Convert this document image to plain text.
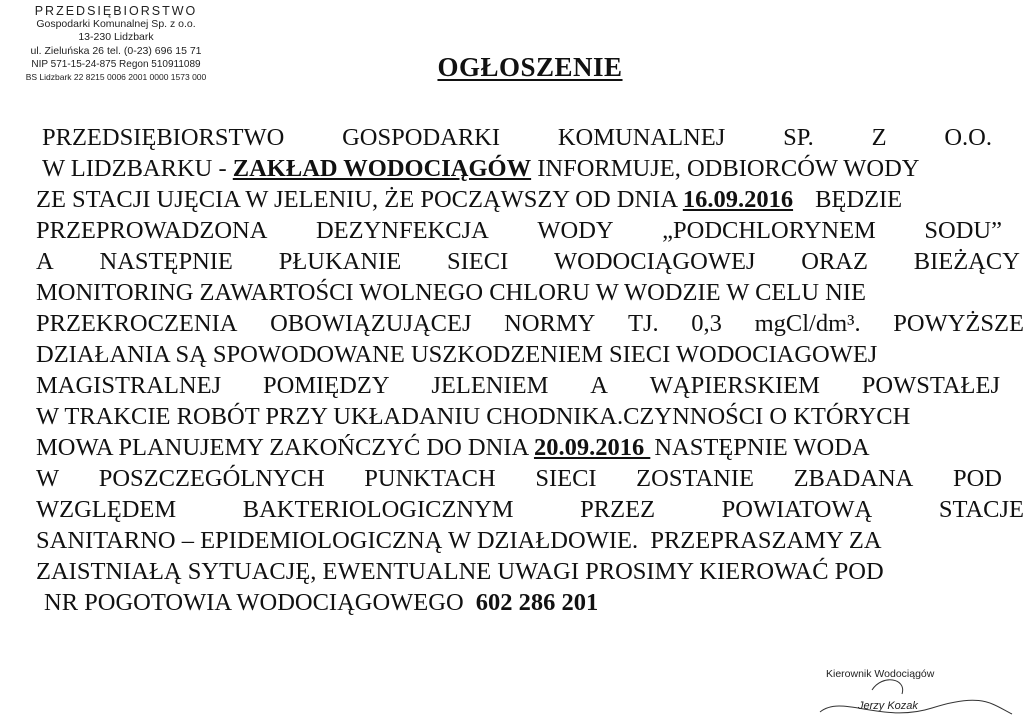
PRZEDSIĘBIORSTWO
Gospodarki Komunalnej Sp. z o.o.
13-230 Lidzbark
ul. Zieluńska 26 tel. (0-23) 696 15 71
NIP 571-15-24-875 Regon 510911089
BS Lidzbark 22 8215 0006 2001 0000 1573 000	OGŁOSZENIE
PRZEDSIĘBIORSTWO GOSPODARKI KOMUNALNEJ SP. Z O.O.
W LIDZBARKU - ZAKŁAD WODOCIĄGÓW INFORMUJE, ODBIORCÓW WODY
ZE STACJI UJĘCIA W JELENIU, ŻE POCZĄWSZY OD DNIA 16.09.2016 BĘDZIE
PRZEPROWADZONA DEZYNFEKCJA WODY „PODCHLORYNEM SODU”
A NASTĘPNIE PŁUKANIE SIECI WODOCIĄGOWEJ ORAZ BIEŻĄCY
MONITORING ZAWARTOŚCI WOLNEGO CHLORU W WODZIE W CELU NIE
PRZEKROCZENIA OBOWIĄZUJĄCEJ NORMY TJ. 0,3 mgCl/dm³. POWYŻSZE
DZIAŁANIA SĄ SPOWODOWANE USZKODZENIEM SIECI WODOCIAGOWEJ
MAGISTRALNEJ POMIĘDZY JELENIEM A WĄPIERSKIEM POWSTAŁEJ
W TRAKCIE ROBÓT PRZY UKŁADANIU CHODNIKA.CZYNNOŚCI O KTÓRYCH
MOWA PLANUJEMY ZAKOŃCZYĆ DO DNIA 20.09.2016 NASTĘPNIE WODA
W POSZCZEGÓLNYCH PUNKTACH SIECI ZOSTANIE ZBADANA POD
WZGLĘDEM	BAKTERIOLOGICZNYM	PRZEZ	POWIATOWĄ	STACJE
SANITARNO – EPIDEMIOLOGICZNĄ W DZIAŁDOWIE.  PRZEPRASZAMY ZA
ZAISTNIAŁĄ SYTUACJĘ, EWENTUALNE UWAGI PROSIMY KIEROWAĆ POD
NR POGOTOWIA WODOCIĄGOWEGO 602 286 201
Kierownik Wodociągów
Jerzy Kozak
